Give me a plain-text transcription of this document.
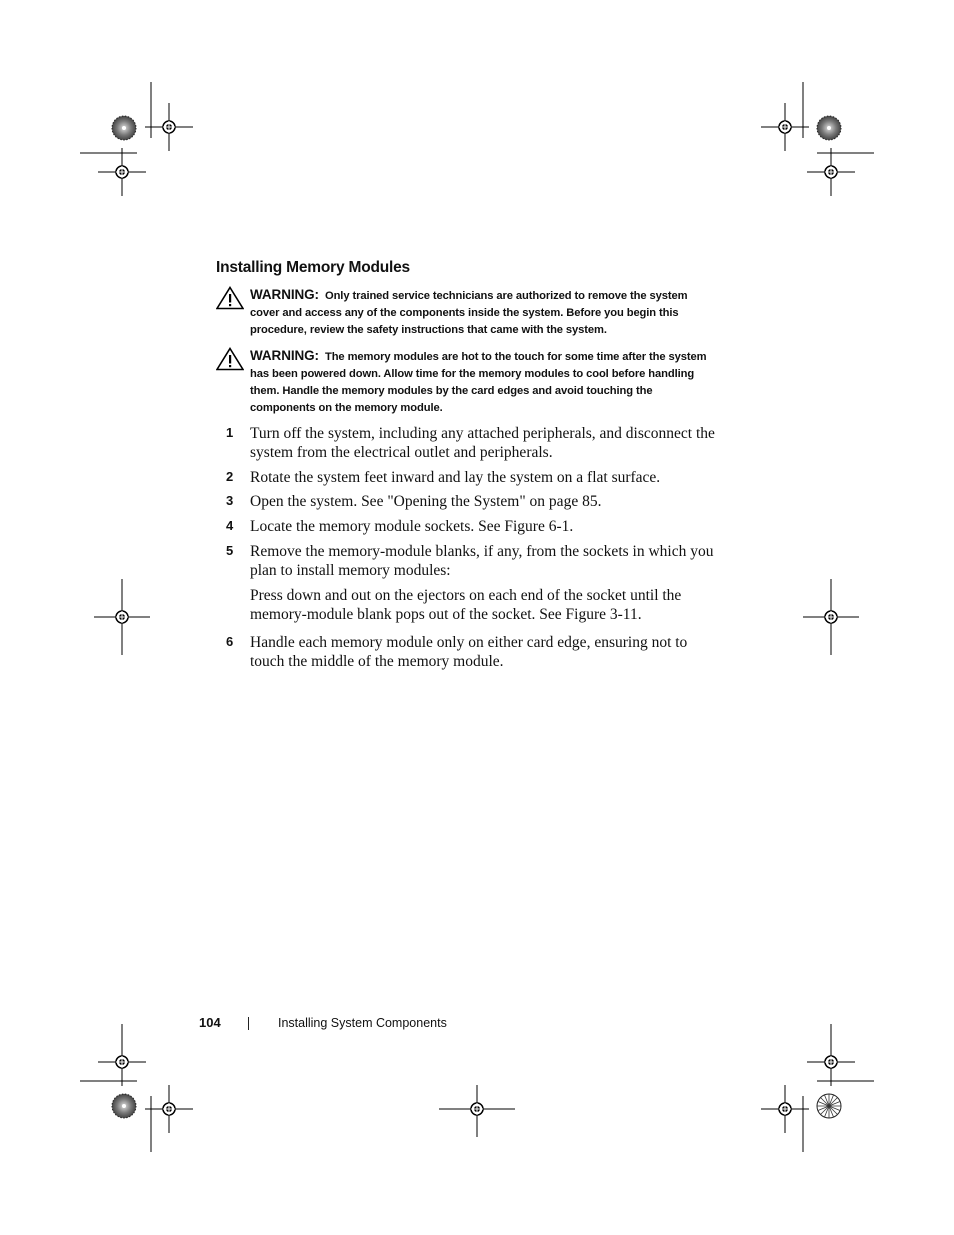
Installing Memory Modules
WARNING: Only trained service technicians are authorized to remove the system cover and access any of the components inside the system. Before you begin this procedure, review the safety instructions that came with the system.
WARNING: The memory modules are hot to the touch for some time after the system has been powered down. Allow time for the memory modules to cool before handling them. Handle the memory modules by the card edges and avoid touching the components on the memory module.
1 Turn off the system, including any attached peripherals, and disconnect the system from the electrical outlet and peripherals.
2 Rotate the system feet inward and lay the system on a flat surface.
3 Open the system. See "Opening the System" on page 85.
4 Locate the memory module sockets. See Figure 6-1.
5 Remove the memory-module blanks, if any, from the sockets in which you plan to install memory modules:
Press down and out on the ejectors on each end of the socket until the memory-module blank pops out of the socket. See Figure 3-11.
6 Handle each memory module only on either card edge, ensuring not to touch the middle of the memory module.
104	Installing System Components
